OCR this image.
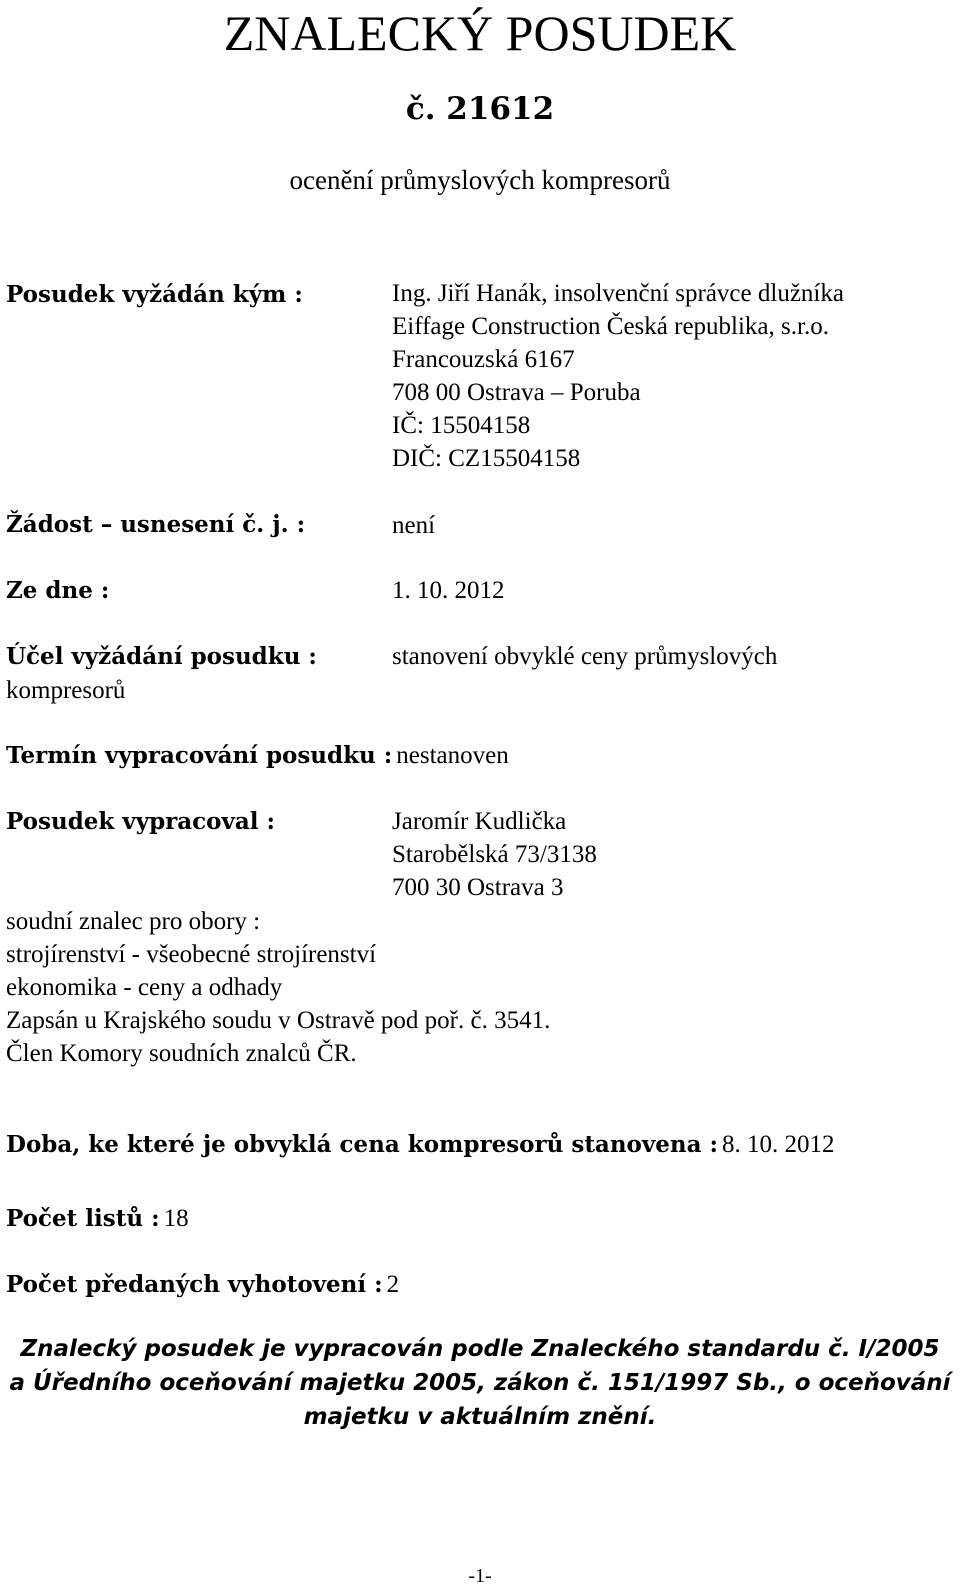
ZNALECKÝ POSUDEK
č. 21612
ocenění průmyslových kompresorů
Posudek vyžádán kým :	Ing. Jiří Hanák, insolvenční správce dlužníka
Eiffage Construction Česká republika, s.r.o.
Francouzská 6167
708 00 Ostrava – Poruba
IČ: 15504158
DIČ: CZ15504158
Žádost – usnesení č. j. :	není
Ze dne :	1. 10. 2012
Účel vyžádání posudku :	stanovení obvyklé ceny průmyslových
kompresorů
Termín vypracování posudku : nestanoven
Posudek vypracoval :	Jaromír Kudlička
Starobělská 73/3138
700 30 Ostrava 3
soudní znalec pro obory :
strojírenství - všeobecné strojírenství
ekonomika - ceny a odhady
Zapsán u Krajského soudu v Ostravě pod poř. č. 3541.
Člen Komory soudních znalců ČR.
Doba, ke které je obvyklá cena kompresorů stanovena : 8. 10. 2012
Počet listů : 18
Počet předaných vyhotovení : 2
Znalecký posudek je vypracován podle Znaleckého standardu č. I/2005
a Úředního oceňování majetku 2005, zákon č. 151/1997 Sb., o oceňování
majetku v aktuálním znění.
-1-
